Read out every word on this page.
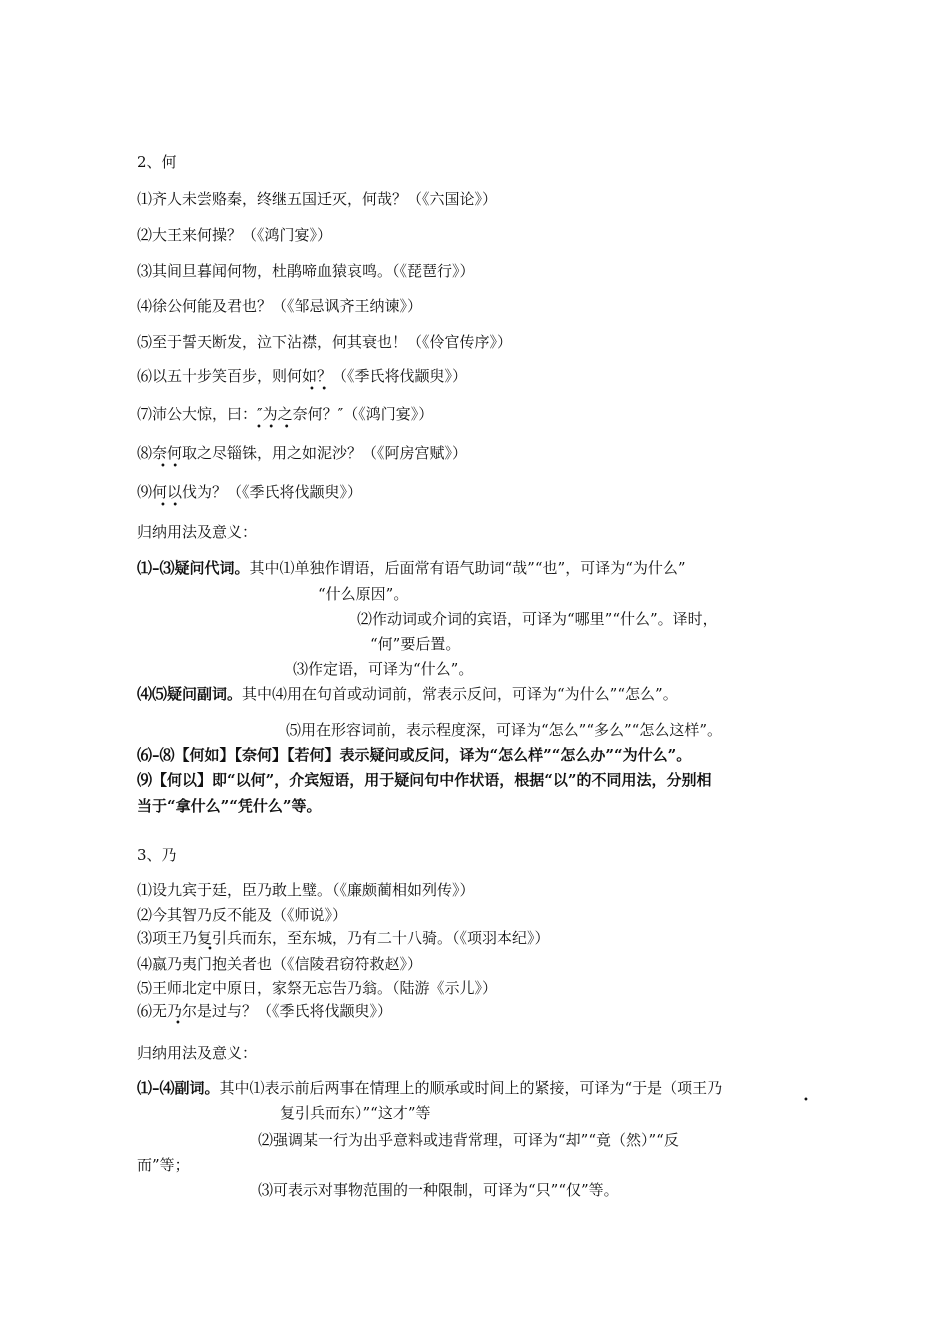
2、何
⑴齐人未尝赂秦，终继五国迁灭，何哉？（《六国论》）
⑵大王来何操？（《鸿门宴》）
⑶其间旦暮闻何物，杜鹃啼血猿哀鸣。（《琵琶行》）
⑷徐公何能及君也？（《邹忌讽齐王纳谏》）
⑸至于誓天断发，泣下沾襟，何其衰也！（《伶官传序》）
⑹以五十步笑百步，则何如？（《季氏将伐颛臾》）
•  •
⑺沛公大惊，曰：″为之奈何？″（《鸿门宴》）
•  •   •
⑻奈何取之尽锱铢，用之如泥沙？（《阿房宫赋》）
•  •
⑼何以伐为？（《季氏将伐颛臾》）
•  •
归纳用法及意义：
⑴–⑶疑问代词。其中⑴单独作谓语，后面常有语气助词“哉”“也”，可译为“为什么”
“什么原因”。
⑵作动词或介词的宾语，可译为“哪里”“什么”。译时，
“何”要后置。
⑶作定语，可译为“什么”。
⑷⑸疑问副词。其中⑷用在句首或动词前，常表示反问，可译为“为什么”“怎么”。
⑸用在形容词前，表示程度深，可译为“怎么”“多么”“怎么这样”。
⑹–⑻【何如】【奈何】【若何】表示疑问或反问，译为“怎么样”“怎么办”“为什么”。
⑼【何以】即“以何”，介宾短语，用于疑问句中作状语，根据“以”的不同用法，分别相
当于“拿什么”“凭什么”等。
3、乃
⑴设九宾于廷，臣乃敢上璧。（《廉颇蔺相如列传》）
⑵今其智乃反不能及（《师说》）
⑶项王乃复引兵而东，至东城，乃有二十八骑。（《项羽本纪》）
•
⑷嬴乃夷门抱关者也（《信陵君窃符救赵》）
⑸王师北定中原日，家祭无忘告乃翁。（陆游《示儿》）
⑹无乃尔是过与？（《季氏将伐颛臾》）
•
归纳用法及意义：
⑴–⑷副词。其中⑴表示前后两事在情理上的顺承或时间上的紧接，可译为“于是（项王乃
•
复引兵而东）”“这才”等
⑵强调某一行为出乎意料或违背常理，可译为“却”“竟（然）”“反
而”等；
⑶可表示对事物范围的一种限制，可译为“只”“仅”等。
